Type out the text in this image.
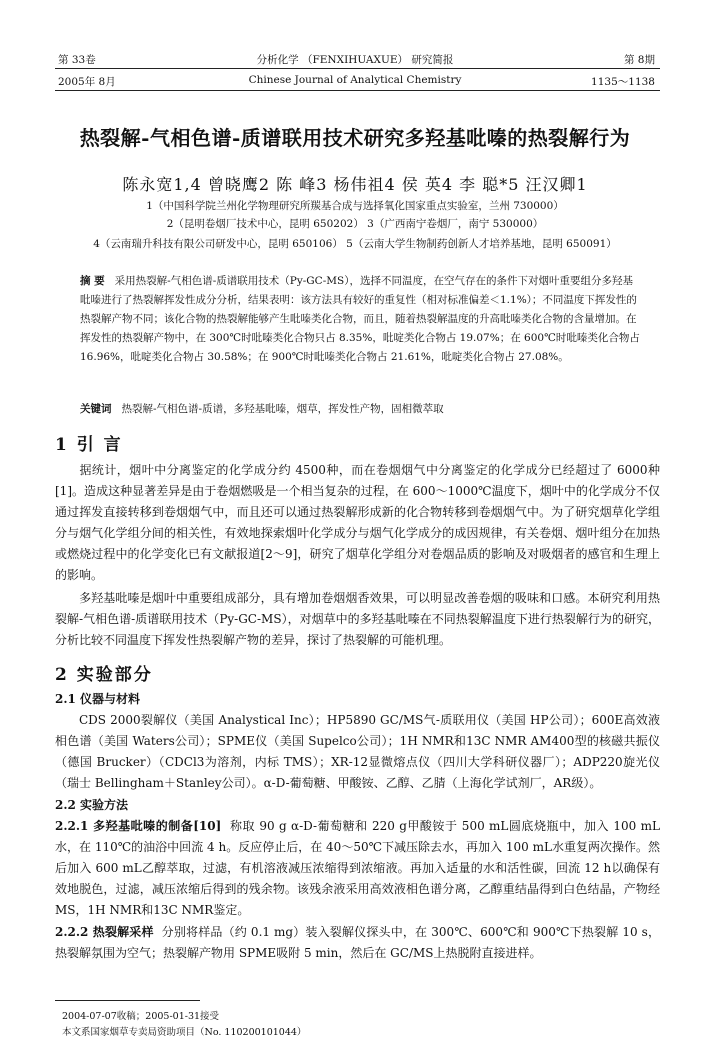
第 33卷	分析化学 （FENXIHUAXUE） 研究简报	第 8期
2005年 8月	Chinese Journal of Analytical Chemistry	1135～1138
热裂解-气相色谱-质谱联用技术研究多羟基吡嗪的热裂解行为
陈永宽1,4 曾晓鹰2 陈 峰3 杨伟祖4 侯 英4 李 聪*5 汪汉卿1
1（中国科学院兰州化学物理研究所羰基合成与选择氧化国家重点实验室，兰州 730000）
2（昆明卷烟厂技术中心，昆明 650202） 3（广西南宁卷烟厂，南宁 530000）
4（云南瑞升科技有限公司研发中心，昆明 650106） 5（云南大学生物制药创新人才培养基地，昆明 650091）
摘 要 采用热裂解-气相色谱-质谱联用技术（Py-GC-MS），选择不同温度，在空气存在的条件下对烟叶重要组分多羟基吡嗪进行了热裂解挥发性成分分析，结果表明：该方法具有较好的重复性（相对标准偏差＜1.1%）；不同温度下挥发性的热裂解产物不同；该化合物的热裂解能够产生吡嗪类化合物，而且，随着热裂解温度的升高吡嗪类化合物的含量增加。在挥发性的热裂解产物中，在 300℃时吡嗪类化合物只占 8.35%，吡啶类化合物占 19.07%；在 600℃时吡嗪类化合物占 16.96%，吡啶类化合物占 30.58%；在 900℃时吡嗪类化合物占 21.61%，吡啶类化合物占 27.08%。
关键词 热裂解-气相色谱-质谱，多羟基吡嗪，烟草，挥发性产物，固相微萃取
1 引 言
据统计，烟叶中分离鉴定的化学成分约 4500种，而在卷烟烟气中分离鉴定的化学成分已经超过了 6000种[1]。造成这种显著差异是由于卷烟燃吸是一个相当复杂的过程，在 600～1000℃温度下，烟叶中的化学成分不仅通过挥发直接转移到卷烟烟气中，而且还可以通过热裂解形成新的化合物转移到卷烟烟气中。为了研究烟草化学组分与烟气化学组分间的相关性，有效地探索烟叶化学成分与烟气化学成分的成因规律，有关卷烟、烟叶组分在加热或燃烧过程中的化学变化已有文献报道[2～9]，研究了烟草化学组分对卷烟品质的影响及对吸烟者的感官和生理上的影响。
多羟基吡嗪是烟叶中重要组成部分，具有增加卷烟烟香效果，可以明显改善卷烟的吸味和口感。本研究利用热裂解-气相色谱-质谱联用技术（Py-GC-MS），对烟草中的多羟基吡嗪在不同热裂解温度下进行热裂解行为的研究，分析比较不同温度下挥发性热裂解产物的差异，探讨了热裂解的可能机理。
2 实验部分
2.1 仪器与材料
CDS 2000裂解仪（美国 Analystical Inc）；HP5890 GC/MS气-质联用仪（美国 HP公司）；600E高效液相色谱（美国 Waters公司）；SPME仪（美国 Supelco公司）；1H NMR和13C NMR AM400型的核磁共振仪（德国 Brucker）（CDCl3为溶剂，内标 TMS）；XR-12显微熔点仪（四川大学科研仪器厂）；ADP220旋光仪（瑞士 Bellingham＋Stanley公司）。α-D-葡萄糖、甲酸铵、乙醇、乙腈（上海化学试剂厂，AR级）。
2.2 实验方法
2.2.1 多羟基吡嗪的制备[10] 称取 90 g α-D-葡萄糖和 220 g甲酸铵于 500 mL圆底烧瓶中，加入 100 mL水，在 110℃的油浴中回流 4 h。反应停止后，在 40～50℃下减压除去水，再加入 100 mL水重复两次操作。然后加入 600 mL乙醇萃取，过滤，有机溶液减压浓缩得到浓缩液。再加入适量的水和活性碳，回流 12 h以确保有效地脱色，过滤，减压浓缩后得到的残余物。该残余液采用高效液相色谱分离，乙醇重结晶得到白色结晶，产物经 MS，1H NMR和13C NMR鉴定。
2.2.2 热裂解采样 分别将样品（约 0.1 mg）装入裂解仪探头中，在 300℃、600℃和 900℃下热裂解 10 s，热裂解氛围为空气；热裂解产物用 SPME吸附 5 min，然后在 GC/MS上热脱附直接进样。
2004-07-07收稿；2005-01-31接受
本文系国家烟草专卖局资助项目（No. 110200101044）
